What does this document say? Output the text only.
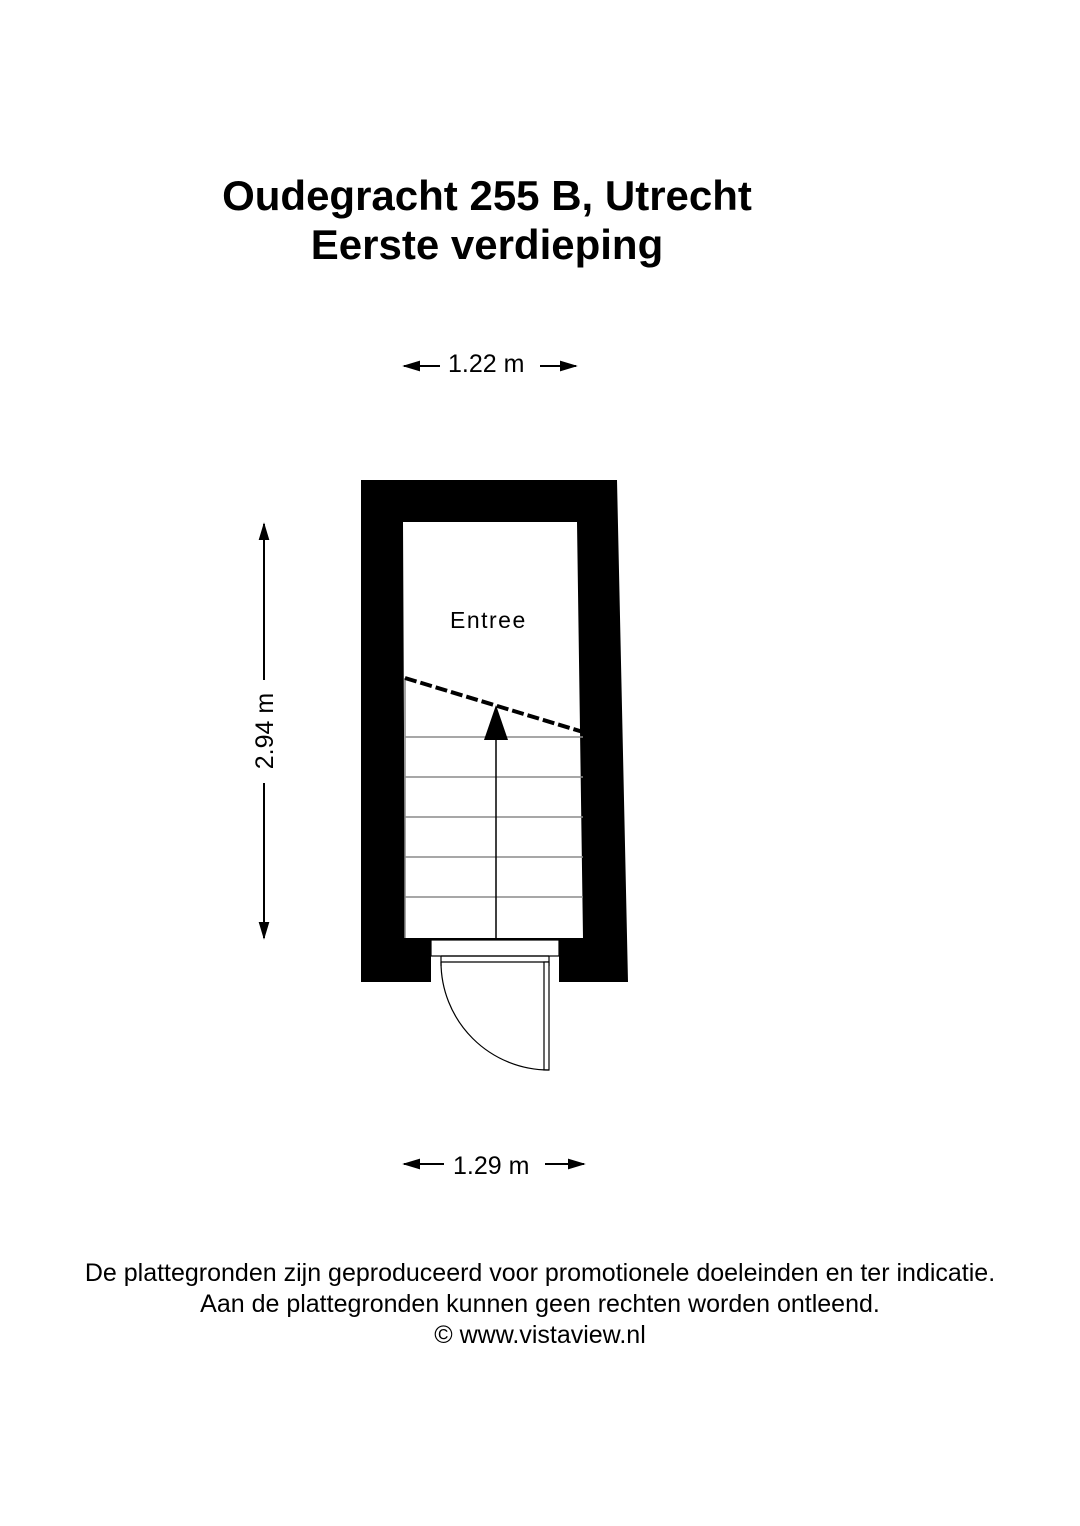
Oudegracht 255 B, Utrecht
Eerste verdieping
1.22 m
2.94 m
1.29 m
Entree

De plattegronden zijn geproduceerd voor promotionele doeleinden en ter indicatie.

Aan de plattegronden kunnen geen rechten worden ontleend.

© www.vistaview.nl
